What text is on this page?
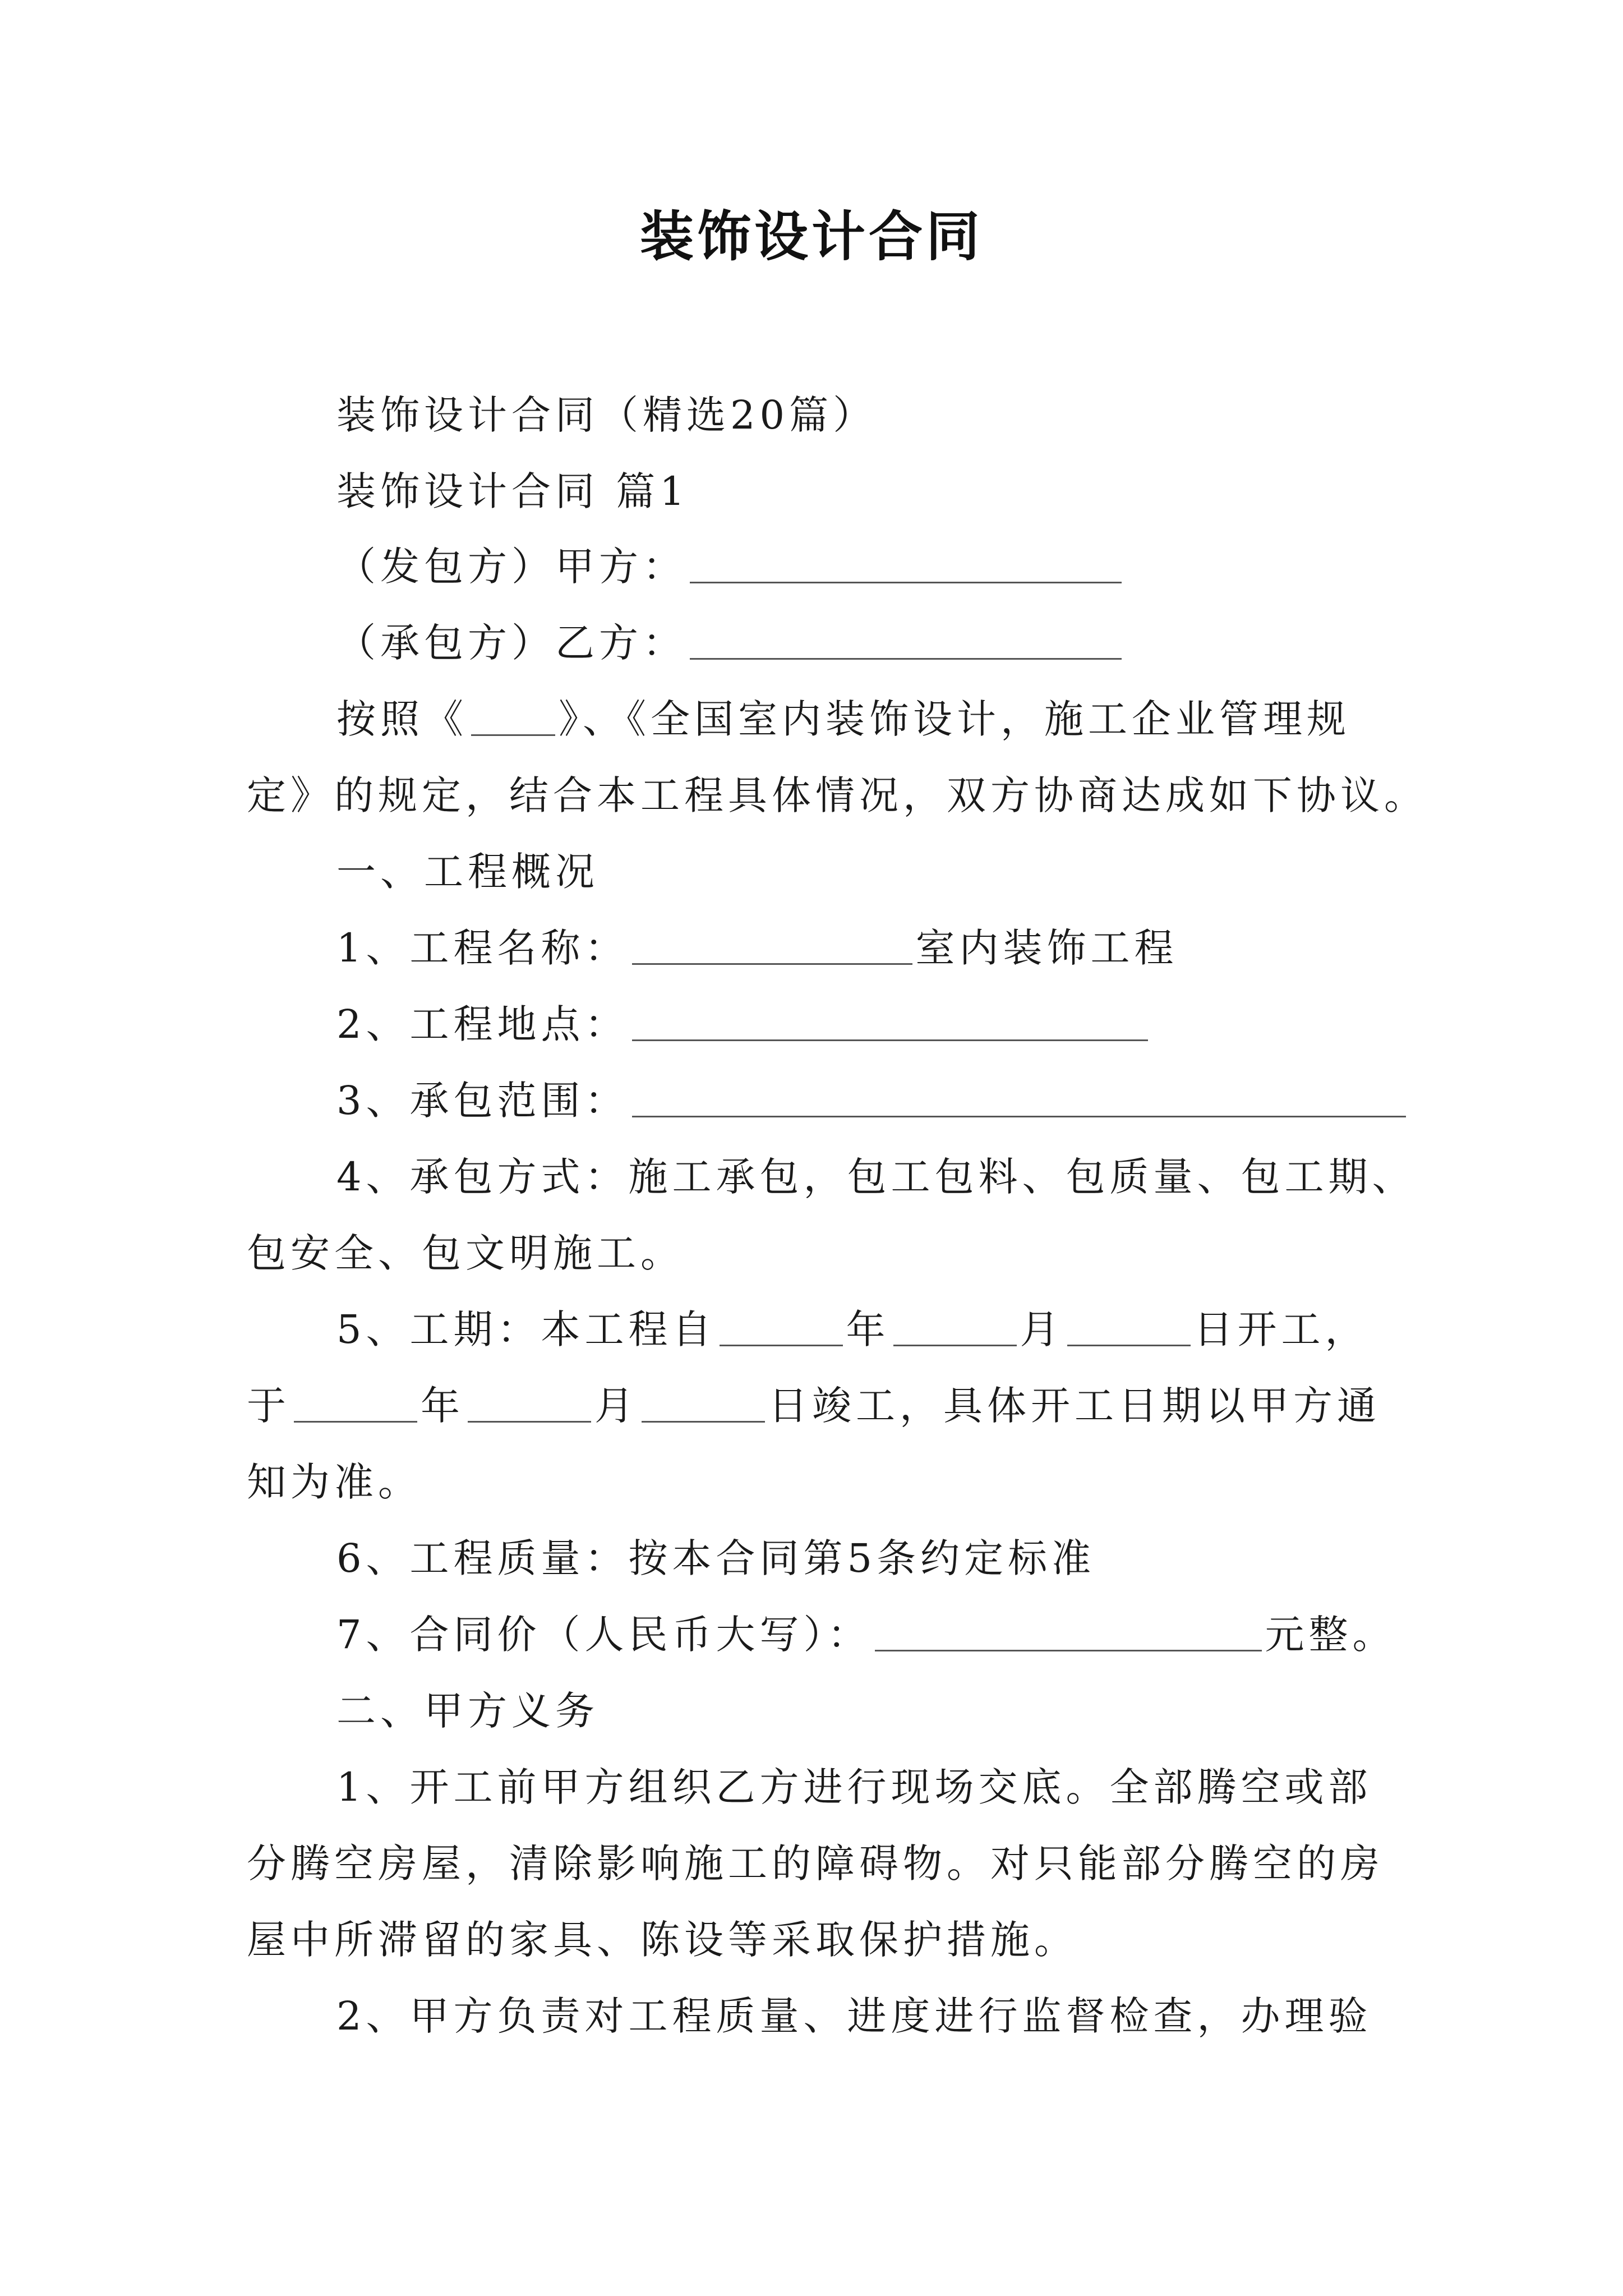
装饰设计合同
装饰设计合同（精选20篇）
装饰设计合同 篇1
（发包方）甲方：
（承包方）乙方：
按照《 》、《全国室内装饰设计，施工企业管理规
定》的规定，结合本工程具体情况，双方协商达成如下协议。
一、工程概况
1、工程名称：	室内装饰工程
2、工程地点：
3、承包范围：
4、承包方式：施工承包，包工包料、包质量、包工期、
包安全、包文明施工。
5、工期：本工程自	年	月	日开工，
于	年	月	日竣工，具体开工日期以甲方通
知为准。
6、工程质量：按本合同第5条约定标准
7、合同价（人民币大写）：	元整。
二、甲方义务
1、开工前甲方组织乙方进行现场交底。全部腾空或部
分腾空房屋，清除影响施工的障碍物。对只能部分腾空的房
屋中所滞留的家具、陈设等采取保护措施。
2、甲方负责对工程质量、进度进行监督检查，办理验
